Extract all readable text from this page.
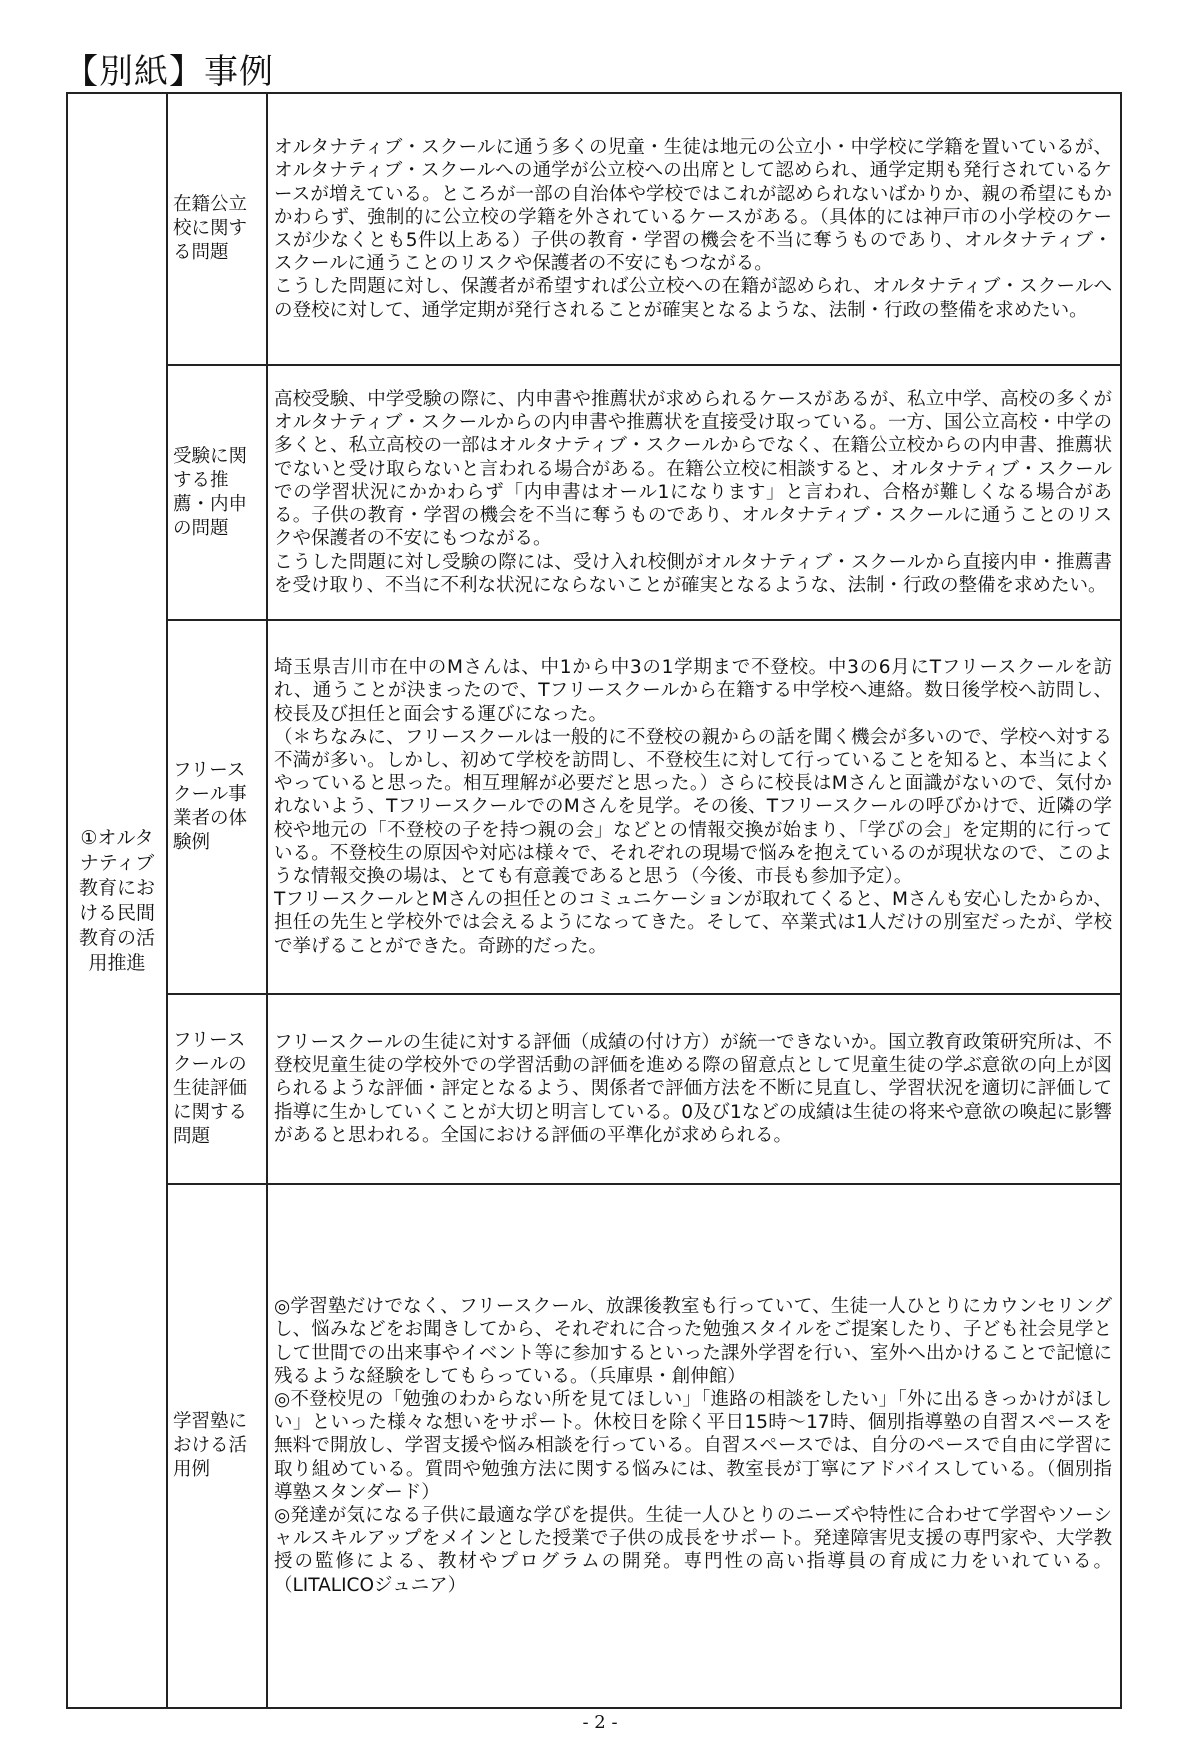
【別紙】事例
①オルタナティブ教育における民間教育の活用推進	在籍公立校に関する問題	オルタナティブ・スクールに通う多くの児童・生徒は地元の公立小・中学校に学籍を置いているが、オルタナティブ・スクールへの通学が公立校への出席として認められ、通学定期も発行されているケースが増えている。ところが一部の自治体や学校ではこれが認められないばかりか、親の希望にもかかわらず、強制的に公立校の学籍を外されているケースがある。（具体的には神戸市の小学校のケースが少なくとも5件以上ある）子供の教育・学習の機会を不当に奪うものであり、オルタナティブ・スクールに通うことのリスクや保護者の不安にもつながる。

こうした問題に対し、保護者が希望すれば公立校への在籍が認められ、オルタナティブ・スクールへの登校に対して、通学定期が発行されることが確実となるような、法制・行政の整備を求めたい。

	受験に関する推薦・内申の問題	高校受験、中学受験の際に、内申書や推薦状が求められるケースがあるが、私立中学、高校の多くがオルタナティブ・スクールからの内申書や推薦状を直接受け取っている。一方、国公立高校・中学の多くと、私立高校の一部はオルタナティブ・スクールからでなく、在籍公立校からの内申書、推薦状でないと受け取らないと言われる場合がある。在籍公立校に相談すると、オルタナティブ・スクールでの学習状況にかかわらず「内申書はオール1になります」と言われ、合格が難しくなる場合がある。子供の教育・学習の機会を不当に奪うものであり、オルタナティブ・スクールに通うことのリスクや保護者の不安にもつながる。

こうした問題に対し受験の際には、受け入れ校側がオルタナティブ・スクールから直接内申・推薦書を受け取り、不当に不利な状況にならないことが確実となるような、法制・行政の整備を求めたい。

	フリースクール事業者の体験例	埼玉県吉川市在中のMさんは、中1から中3の1学期まで不登校。中3の6月にTフリースクールを訪れ、通うことが決まったので、Tフリースクールから在籍する中学校へ連絡。数日後学校へ訪問し、校長及び担任と面会する運びになった。

（＊ちなみに、フリースクールは一般的に不登校の親からの話を聞く機会が多いので、学校へ対する不満が多い。しかし、初めて学校を訪問し、不登校生に対して行っていることを知ると、本当によくやっていると思った。相互理解が必要だと思った。）さらに校長はMさんと面識がないので、気付かれないよう、TフリースクールでのMさんを見学。その後、Tフリースクールの呼びかけで、近隣の学校や地元の「不登校の子を持つ親の会」などとの情報交換が始まり、「学びの会」を定期的に行っている。不登校生の原因や対応は様々で、それぞれの現場で悩みを抱えているのが現状なので、このような情報交換の場は、とても有意義であると思う（今後、市長も参加予定）。

TフリースクールとMさんの担任とのコミュニケーションが取れてくると、Mさんも安心したからか、担任の先生と学校外では会えるようになってきた。そして、卒業式は1人だけの別室だったが、学校で挙げることができた。奇跡的だった。

	フリースクールの生徒評価に関する問題	フリースクールの生徒に対する評価（成績の付け方）が統一できないか。国立教育政策研究所は、不登校児童生徒の学校外での学習活動の評価を進める際の留意点として児童生徒の学ぶ意欲の向上が図られるような評価・評定となるよう、関係者で評価方法を不断に見直し、学習状況を適切に評価して指導に生かしていくことが大切と明言している。0及び1などの成績は生徒の将来や意欲の喚起に影響があると思われる。全国における評価の平準化が求められる。

	学習塾における活用例	◎学習塾だけでなく、フリースクール、放課後教室も行っていて、生徒一人ひとりにカウンセリングし、悩みなどをお聞きしてから、それぞれに合った勉強スタイルをご提案したり、子ども社会見学として世間での出来事やイベント等に参加するといった課外学習を行い、室外へ出かけることで記憶に残るような経験をしてもらっている。（兵庫県・創伸館）

◎不登校児の「勉強のわからない所を見てほしい」「進路の相談をしたい」「外に出るきっかけがほしい」といった様々な想いをサポート。休校日を除く平日15時～17時、個別指導塾の自習スペースを無料で開放し、学習支援や悩み相談を行っている。自習スペースでは、自分のペースで自由に学習に取り組めている。質問や勉強方法に関する悩みには、教室長が丁寧にアドバイスしている。（個別指導塾スタンダード）

◎発達が気になる子供に最適な学びを提供。生徒一人ひとりのニーズや特性に合わせて学習やソーシャルスキルアップをメインとした授業で子供の成長をサポート。発達障害児支援の専門家や、大学教授の監修による、教材やプログラムの開発。専門性の高い指導員の育成に力をいれている。（LITALICOジュニア）

- 2 -
